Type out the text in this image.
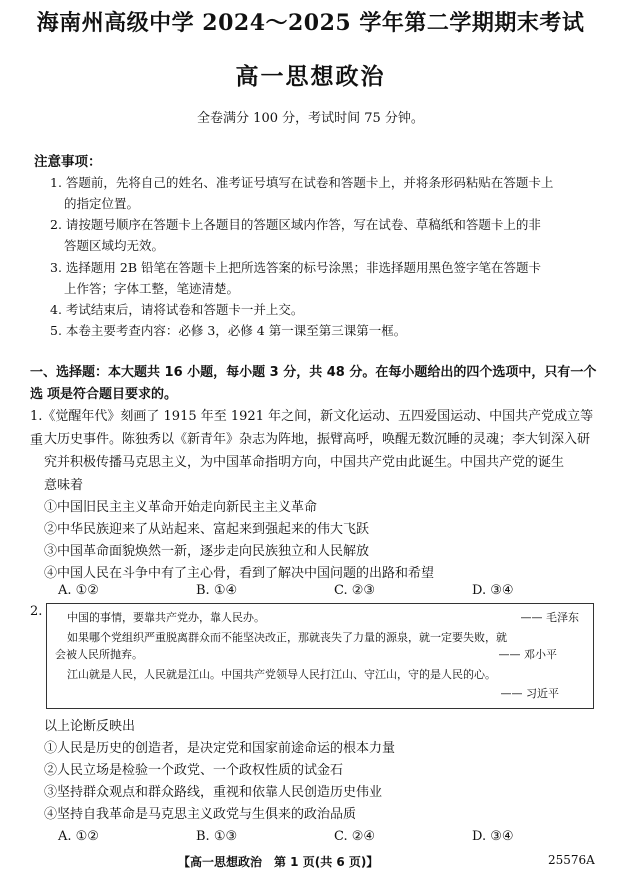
海南州高级中学 2024～2025 学年第二学期期末考试
高一思想政治
全卷满分 100 分，考试时间 75 分钟。
注意事项：
1. 答题前，先将自己的姓名、准考证号填写在试卷和答题卡上，并将条形码粘贴在答题卡上
的指定位置。
2. 请按题号顺序在答题卡上各题目的答题区域内作答，写在试卷、草稿纸和答题卡上的非
答题区域均无效。
3. 选择题用 2B 铅笔在答题卡上把所选答案的标号涂黑；非选择题用黑色签字笔在答题卡
上作答；字体工整，笔迹清楚。
4. 考试结束后，请将试卷和答题卡一并上交。
5. 本卷主要考查内容：必修 3，必修 4 第一课至第三课第一框。
一、选择题：本大题共 16 小题，每小题 3 分，共 48 分。在每小题给出的四个选项中，只有一个选 项是符合题目要求的。
1.《觉醒年代》刻画了 1915 年至 1921 年之间，新文化运动、五四爱国运动、中国共产党成立等重 大历史事件。陈独秀以《新青年》杂志为阵地，振臂高呼，唤醒无数沉睡的灵魂；李大钊深入研
究并积极传播马克思主义，为中国革命指明方向，中国共产党由此诞生。中国共产党的诞生
意味着
①中国旧民主主义革命开始走向新民主主义革命
②中华民族迎来了从站起来、富起来到强起来的伟大飞跃
③中国革命面貌焕然一新，逐步走向民族独立和人民解放
④中国人民在斗争中有了主心骨，看到了解决中国问题的出路和希望
A. ①②	B. ①④	C. ②③	D. ③④
2.	中国的事情，要靠共产党办，靠人民办。	—— 毛泽东
如果哪个党组织严重脱离群众而不能坚决改正，那就丧失了力量的源泉，就一定要失败，就
会被人民所抛弃。	—— 邓小平
江山就是人民，人民就是江山。中国共产党领导人民打江山、守江山，守的是人民的心。
—— 习近平
以上论断反映出
①人民是历史的创造者，是决定党和国家前途命运的根本力量
②人民立场是检验一个政党、一个政权性质的试金石
③坚持群众观点和群众路线，重视和依靠人民创造历史伟业
④坚持自我革命是马克思主义政党与生俱来的政治品质
A. ①②	B. ①③	C. ②④	D. ③④
【高一思想政治　第 1 页(共 6 页)】	25576A
